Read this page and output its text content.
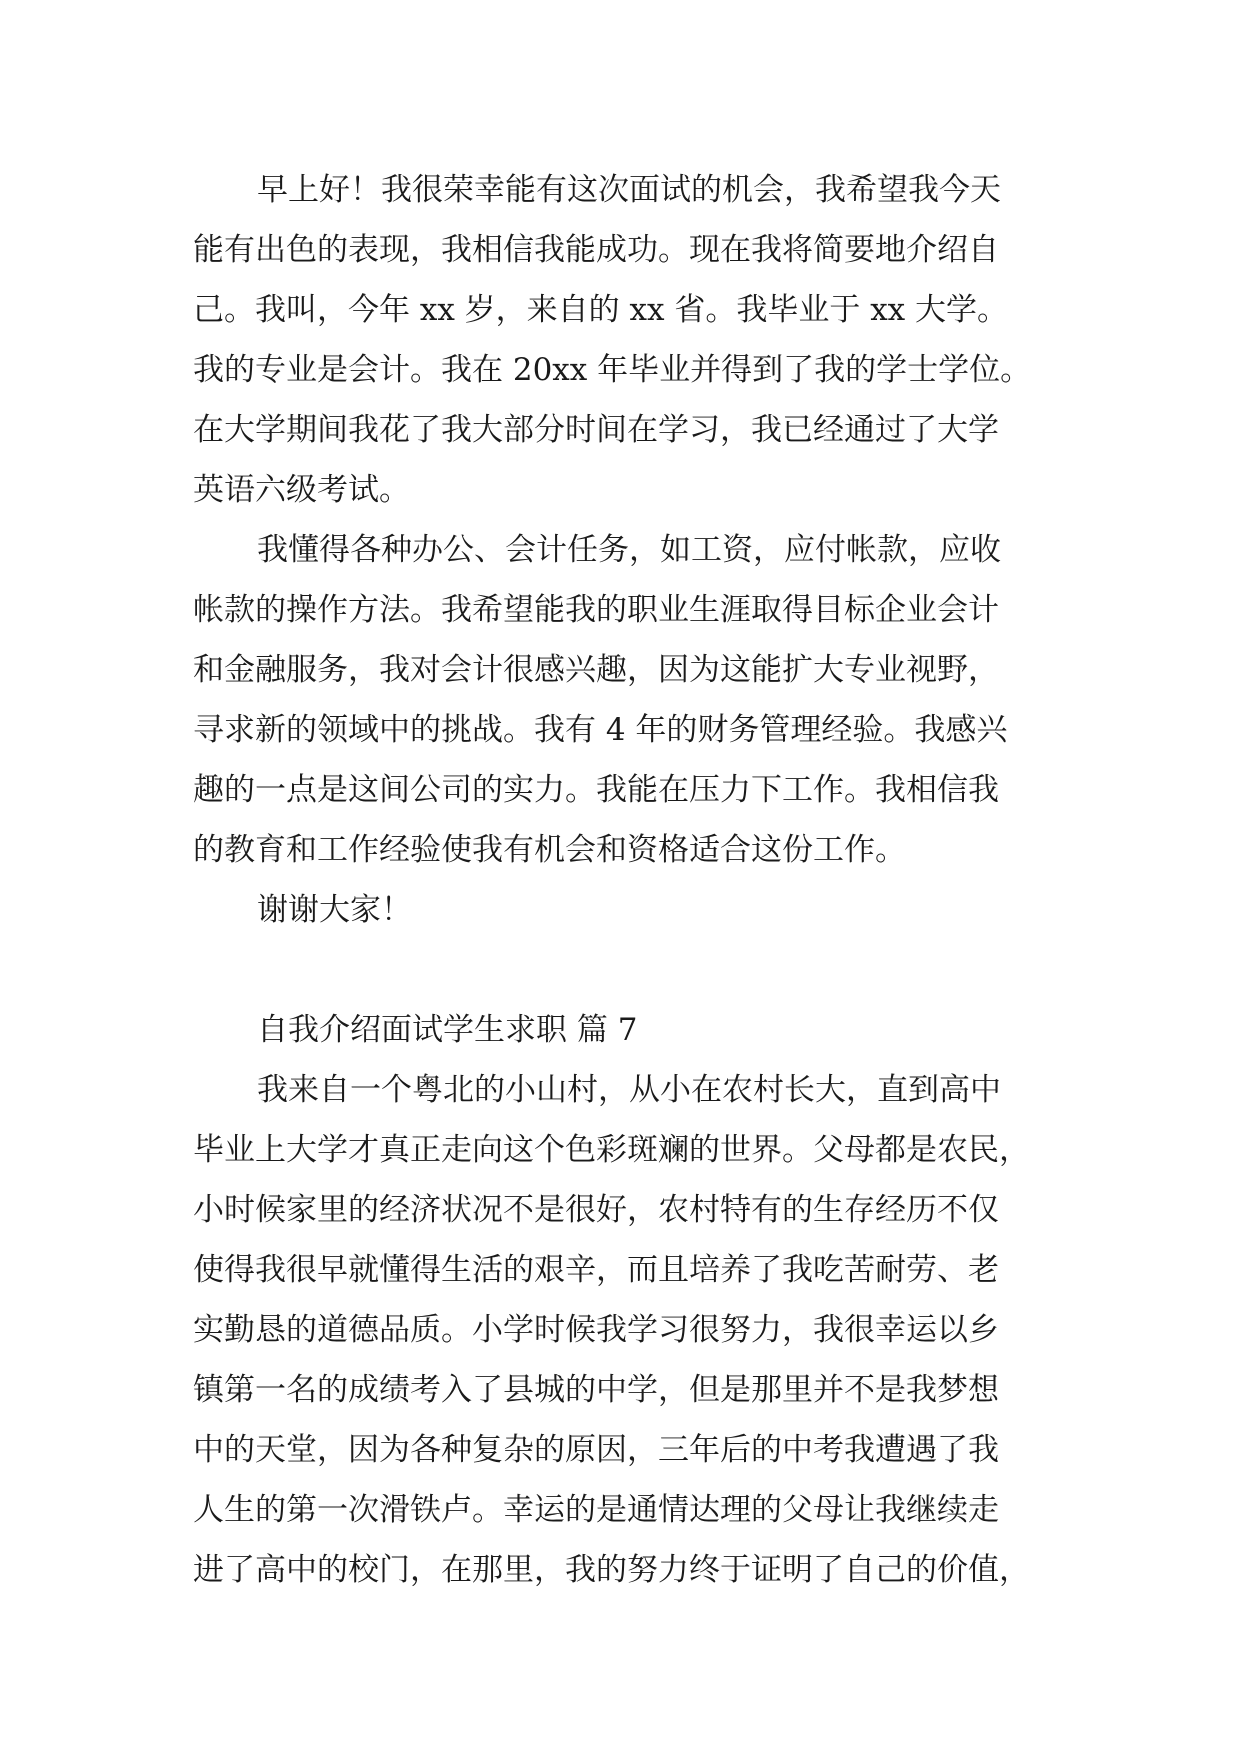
早上好！我很荣幸能有这次面试的机会，我希望我今天

能有出色的表现，我相信我能成功。现在我将简要地介绍自

己。我叫，今年 xx 岁，来自的 xx 省。我毕业于 xx 大学。

我的专业是会计。我在 20xx 年毕业并得到了我的学士学位。

在大学期间我花了我大部分时间在学习，我已经通过了大学

英语六级考试。

我懂得各种办公、会计任务，如工资，应付帐款，应收

帐款的操作方法。我希望能我的职业生涯取得目标企业会计

和金融服务，我对会计很感兴趣，因为这能扩大专业视野，

寻求新的领域中的挑战。我有 4 年的财务管理经验。我感兴

趣的一点是这间公司的实力。我能在压力下工作。我相信我

的教育和工作经验使我有机会和资格适合这份工作。

谢谢大家！

自我介绍面试学生求职 篇 7

我来自一个粤北的小山村，从小在农村长大，直到高中

毕业上大学才真正走向这个色彩斑斓的世界。父母都是农民，

小时候家里的经济状况不是很好，农村特有的生存经历不仅

使得我很早就懂得生活的艰辛，而且培养了我吃苦耐劳、老

实勤恳的道德品质。小学时候我学习很努力，我很幸运以乡

镇第一名的成绩考入了县城的中学，但是那里并不是我梦想

中的天堂，因为各种复杂的原因，三年后的中考我遭遇了我

人生的第一次滑铁卢。幸运的是通情达理的父母让我继续走

进了高中的校门，在那里，我的努力终于证明了自己的价值，
